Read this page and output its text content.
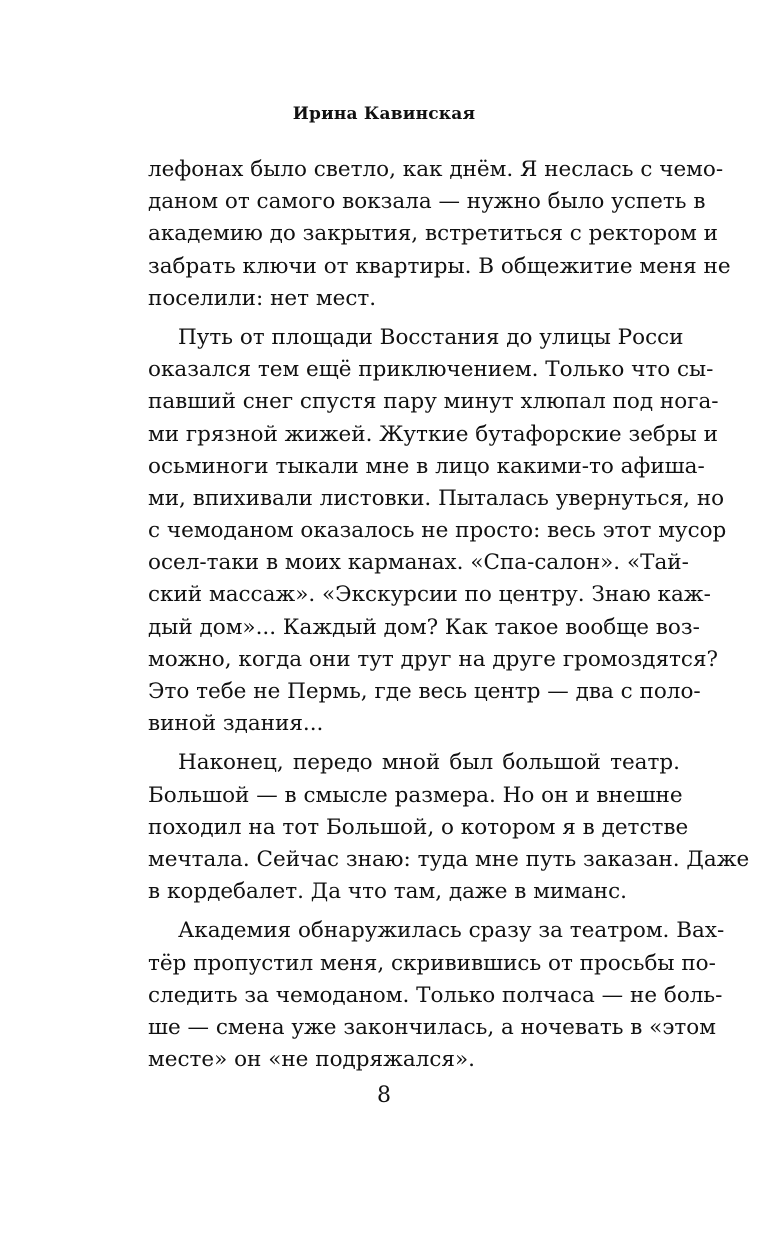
Ирина Кавинская
лефонах было светло, как днём. Я неслась с чемо-
даном от самого вокзала — нужно было успеть в
академию до закрытия, встретиться с ректором и
забрать ключи от квартиры. В общежитие меня не
поселили: нет мест.
Путь от площади Восстания до улицы Росси
оказался тем ещё приключением. Только что сы-
павший снег спустя пару минут хлюпал под нога-
ми грязной жижей. Жуткие бутафорские зебры и
осьминоги тыкали мне в лицо какими-то афиша-
ми, впихивали листовки. Пыталась увернуться, но
с чемоданом оказалось не просто: весь этот мусор
осел-таки в моих карманах. «Спа-салон». «Тай-
ский массаж». «Экскурсии по центру. Знаю каж-
дый дом»... Каждый дом? Как такое вообще воз-
можно, когда они тут друг на друге громоздятся?
Это тебе не Пермь, где весь центр — два с поло-
виной здания...
Наконец, передо мной был большой театр.
Большой — в смысле размера. Но он и внешне
походил на тот Большой, о котором я в детстве
мечтала. Сейчас знаю: туда мне путь заказан. Даже
в кордебалет. Да что там, даже в миманс.
Академия обнаружилась сразу за театром. Вах-
тёр пропустил меня, скривившись от просьбы по-
следить за чемоданом. Только полчаса — не боль-
ше — смена уже закончилась, а ночевать в «этом
месте» он «не подряжался».
8
